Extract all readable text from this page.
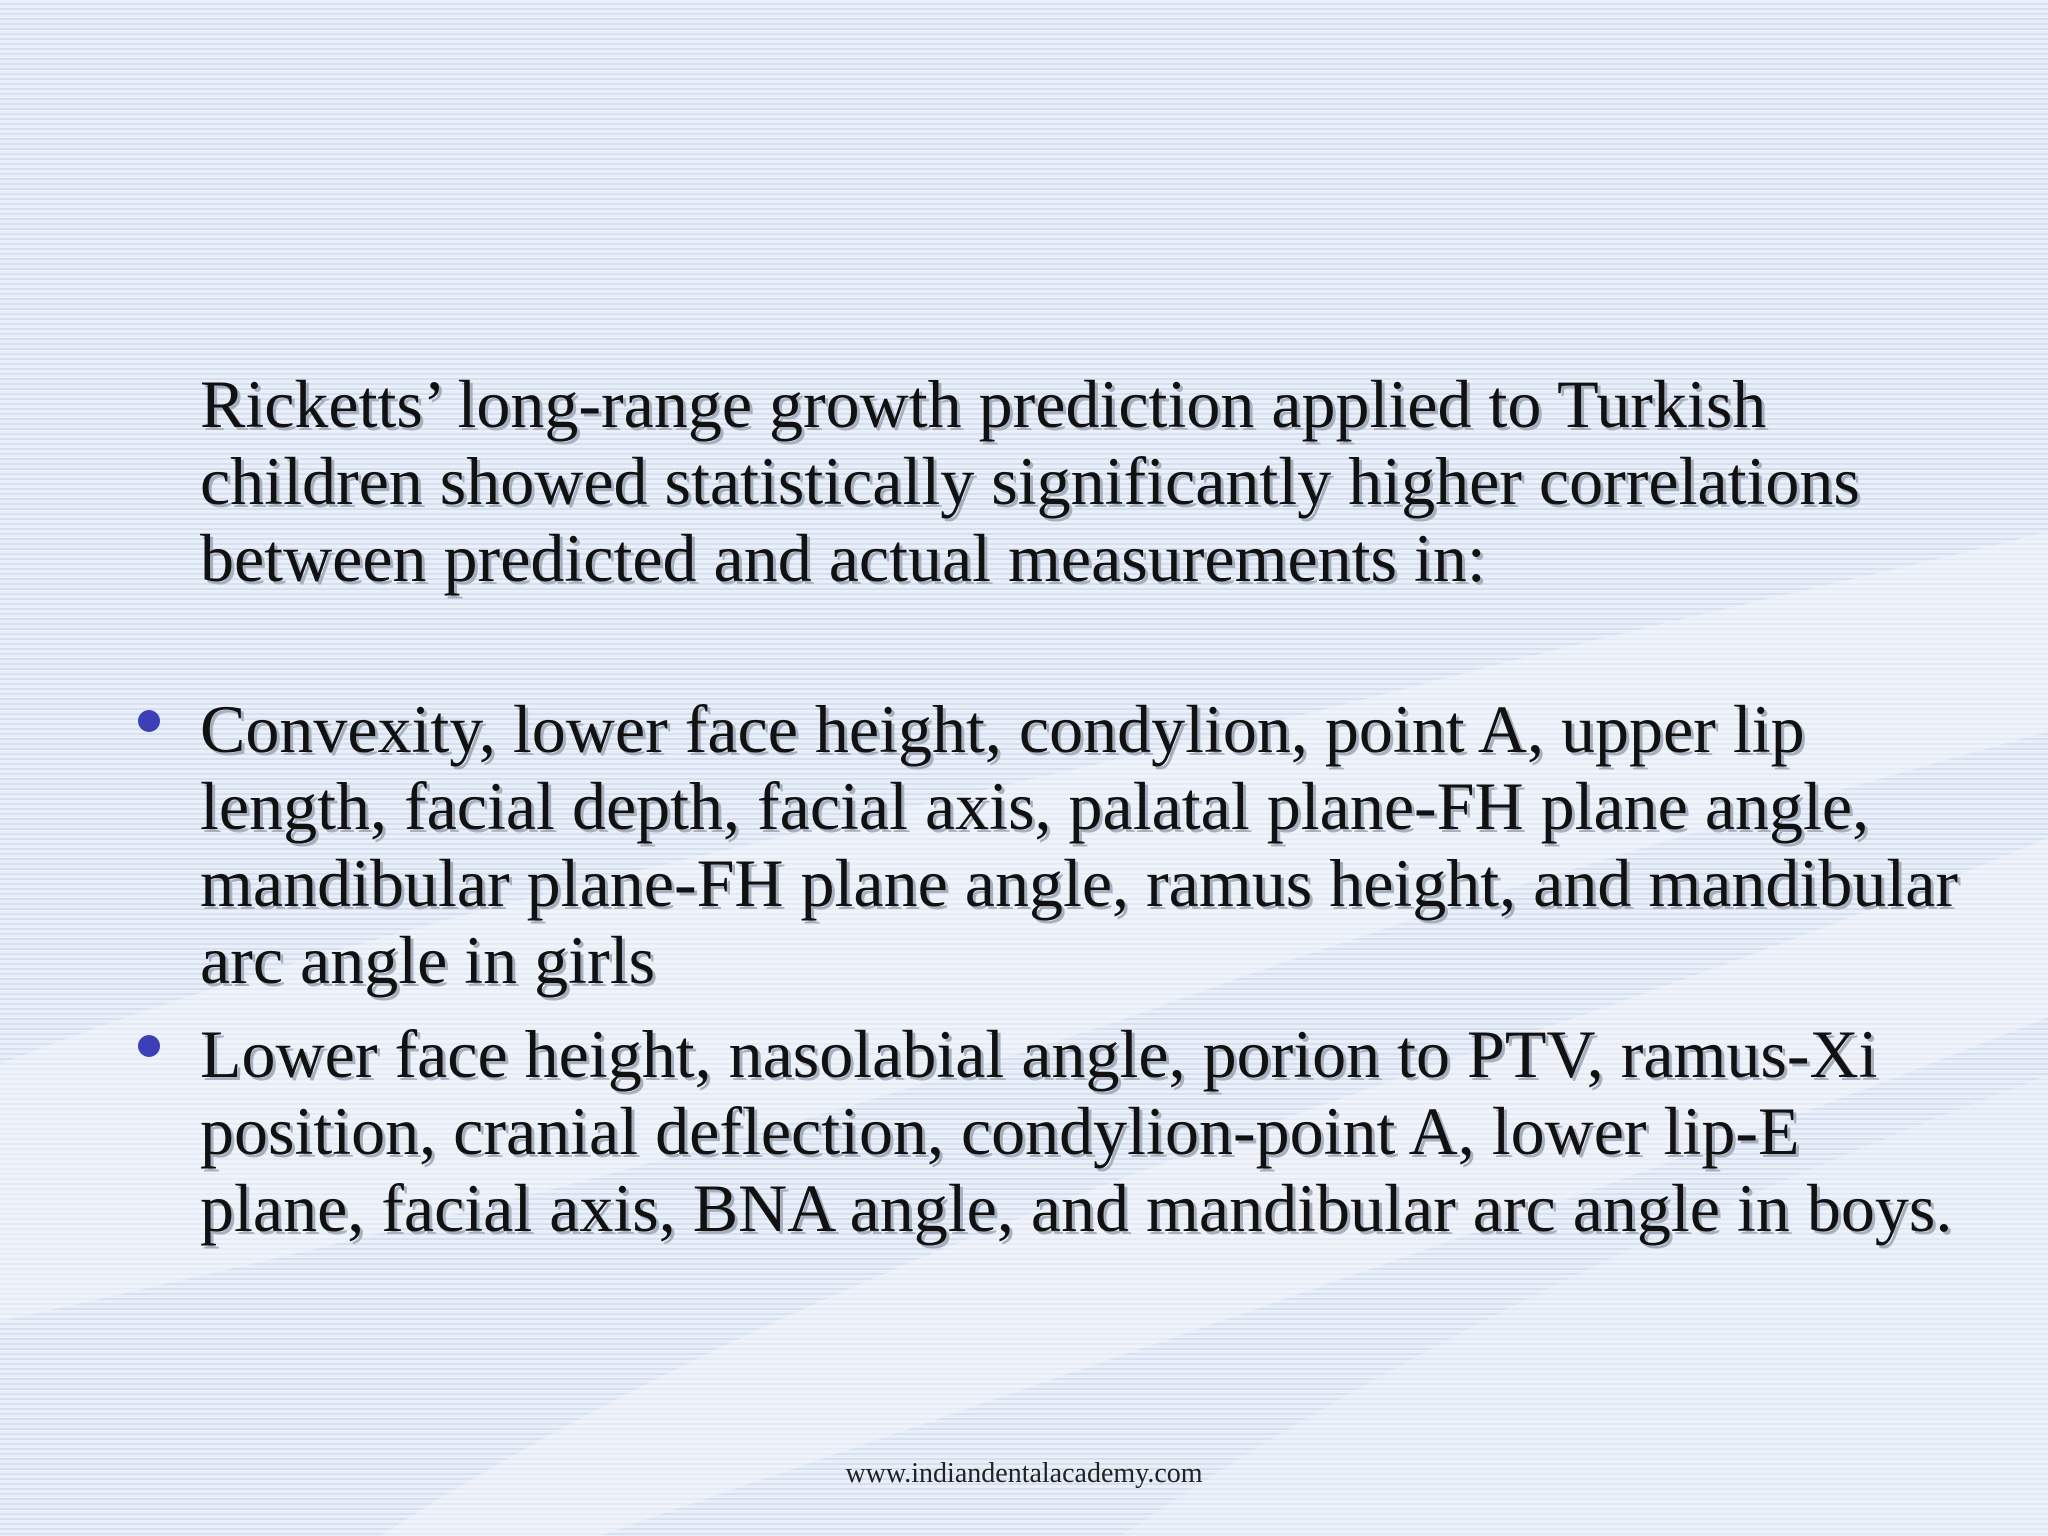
Ricketts’ long-range growth prediction applied to Turkish children showed statistically significantly higher correlations between predicted and actual measurements in:

Convexity, lower face height, condylion, point A, upper lip length, facial depth, facial axis, palatal plane-FH plane angle, mandibular plane-FH plane angle, ramus height, and mandibular arc angle in girls

Lower face height, nasolabial angle, porion to PTV, ramus-Xi position, cranial deflection, condylion-point A, lower lip-E plane, facial axis, BNA angle, and mandibular arc angle in boys.

www.indiandentalacademy.com
